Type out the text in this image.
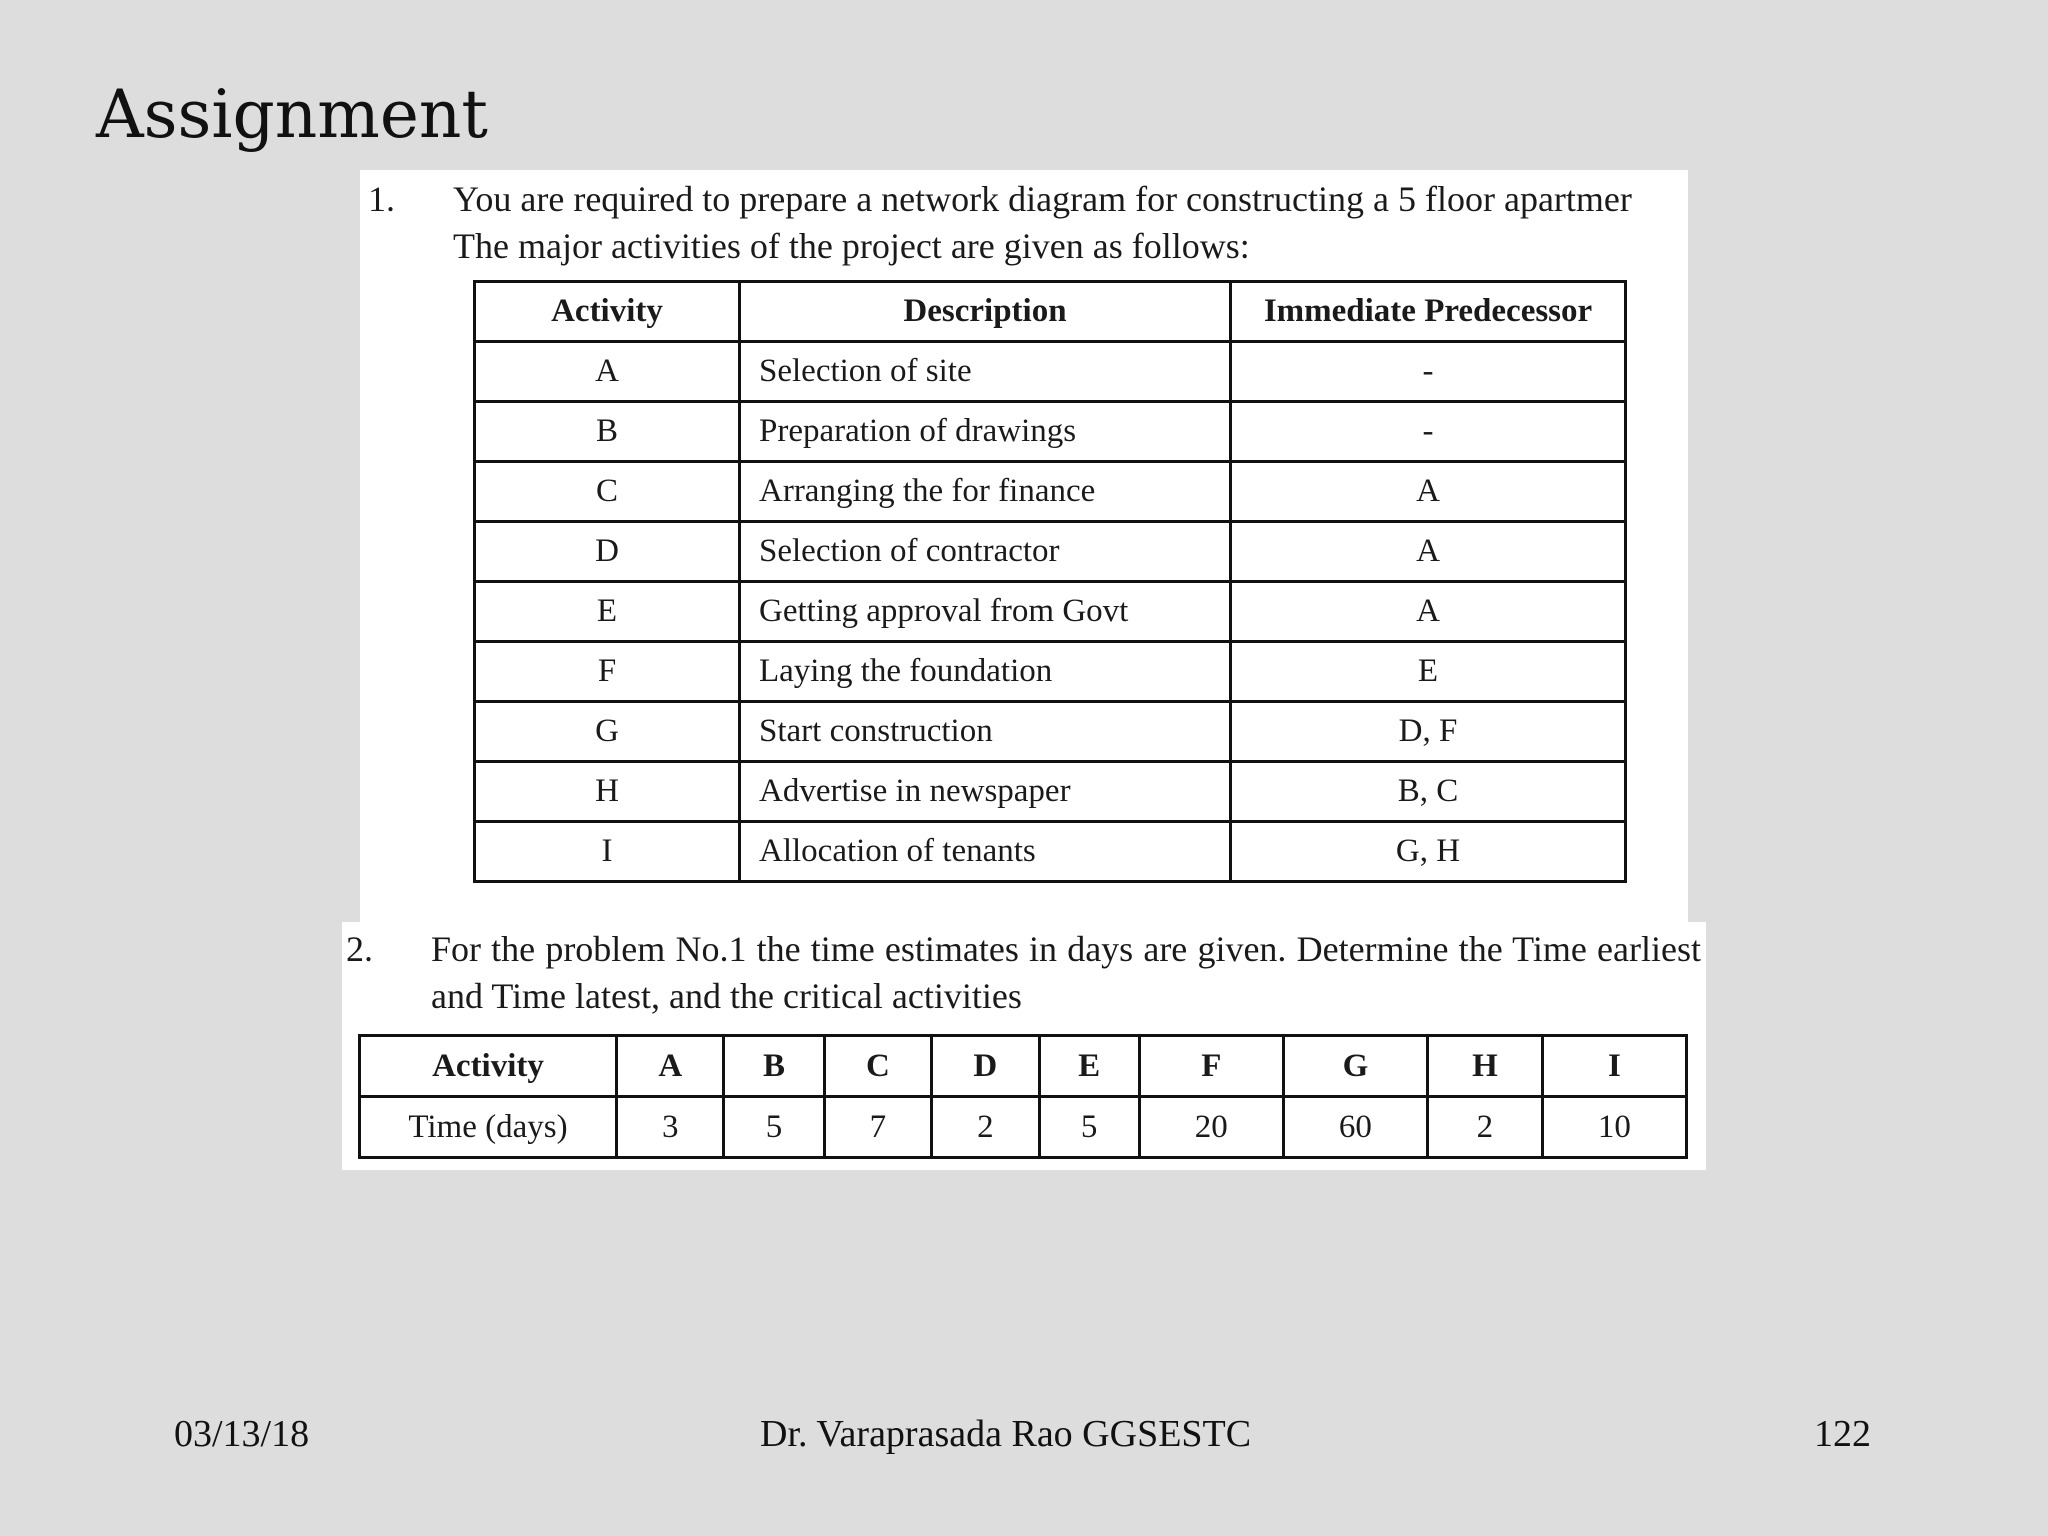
Assignment
1. You are required to prepare a network diagram for constructing a 5 floor apartmer
The major activities of the project are given as follows:
Activity	Description	Immediate Predecessor
A	Selection of site	-
B	Preparation of drawings	-
C	Arranging the for finance	A
D	Selection of contractor	A
E	Getting approval from Govt	A
F	Laying the foundation	E
G	Start construction	D, F
H	Advertise in newspaper	B, C
I	Allocation of tenants	G, H
2. For the problem No.1 the time estimates in days are given. Determine the Time earliest and Time latest, and the critical activities
Activity	A	B	C	D	E	F	G	H	I
Time (days)	3	5	7	2	5	20	60	2	10
03/13/18	Dr. Varaprasada Rao GGSESTC	122
